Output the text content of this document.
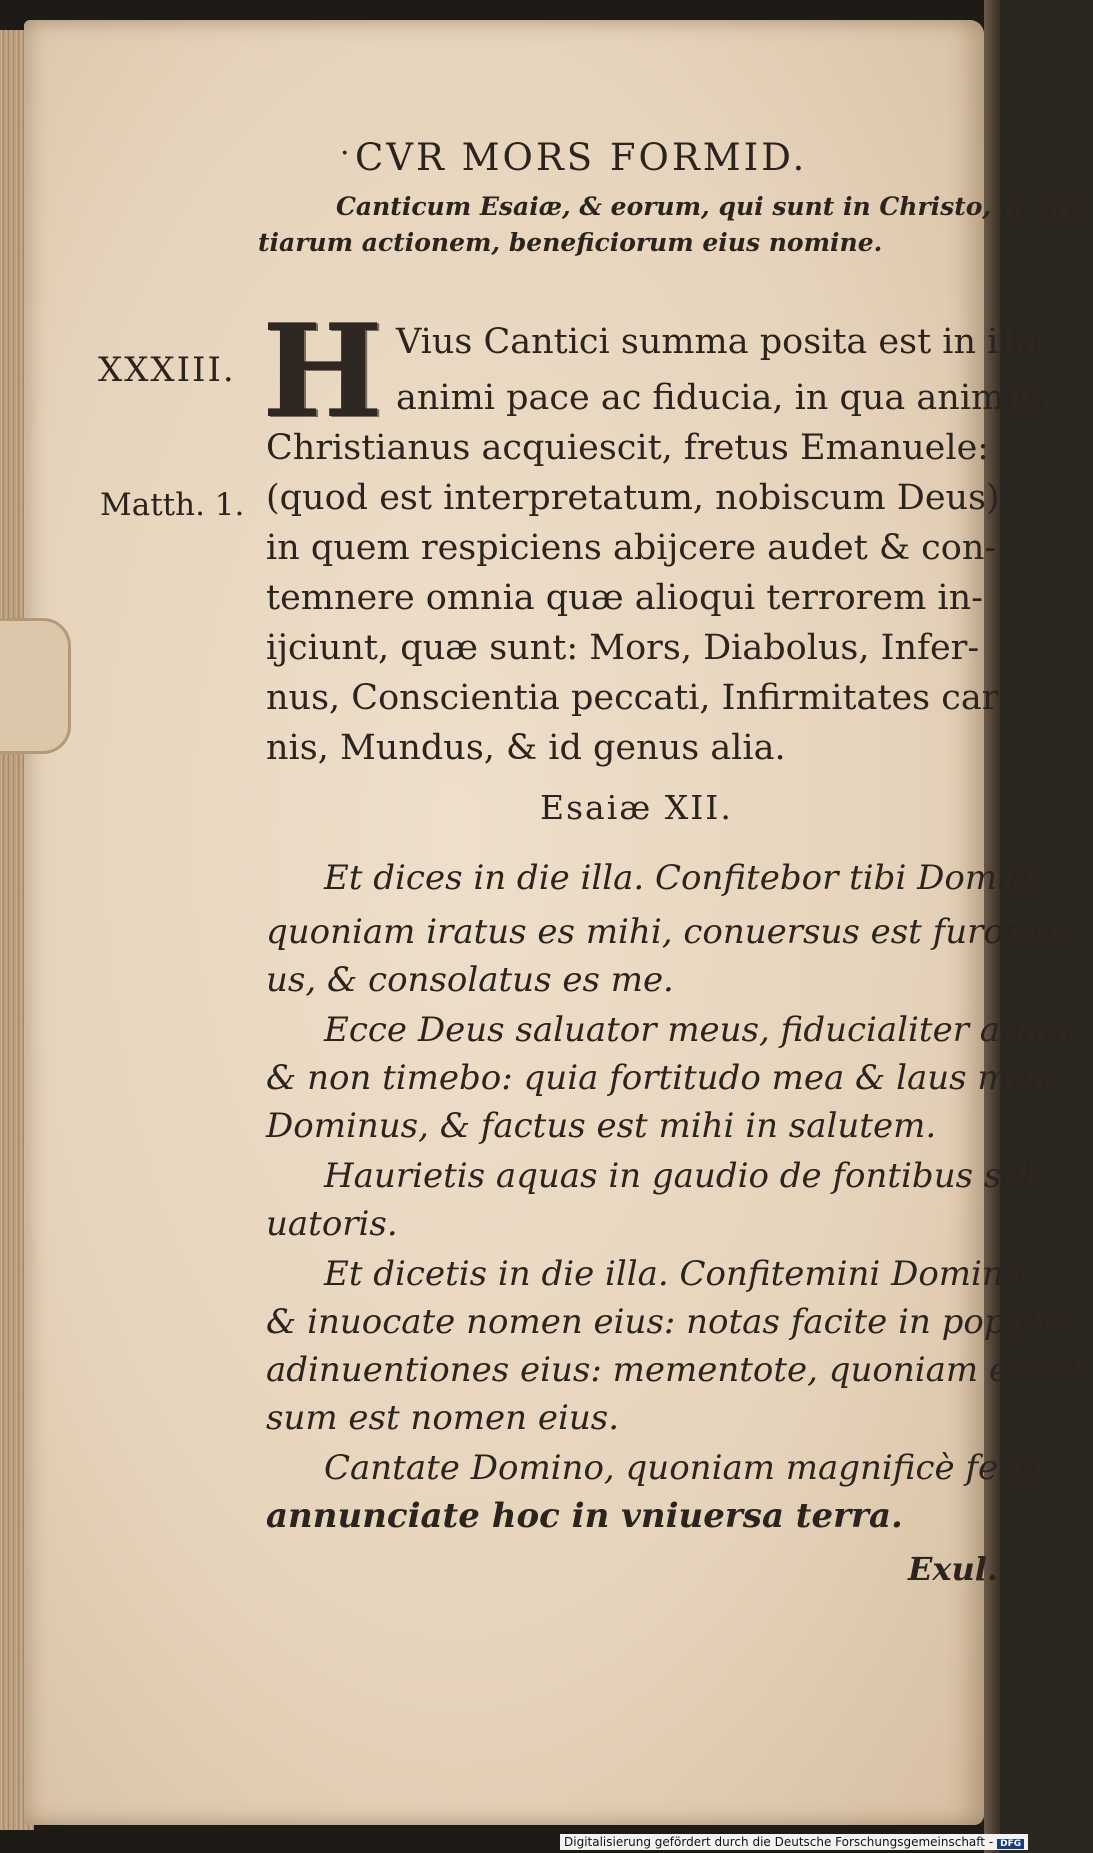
· CVR MORS FORMID.
Canticum Esaiæ, & eorum, qui sunt in Christo, in gra-
tiarum actionem, beneficiorum eius nomine.
XXXIII.
Matth. 1.
H Vius Cantici summa posita est in illa
animi pace ac fiducia, in qua animus
Christianus acquiescit, fretus Emanuele:
(quod est interpretatum, nobiscum Deus)
in quem respiciens abijcere audet & con-
temnere omnia quæ alioqui terrorem in-
ijciunt, quæ sunt: Mors, Diabolus, Infer-
nus, Conscientia peccati, Infirmitates car-
nis, Mundus, & id genus alia.
Esaiæ XII.
Et dices in die illa. Confitebor tibi Domine,
quoniam iratus es mihi, conuersus est furor tu-
us, & consolatus es me.
Ecce Deus saluator meus, fiducialiter agam,
& non timebo: quia fortitudo mea & laus mea
Dominus, & factus est mihi in salutem.
Haurietis aquas in gaudio de fontibus sal-
uatoris.
Et dicetis in die illa. Confitemini Domino,
& inuocate nomen eius: notas facite in populis
adinuentiones eius: mementote, quoniam excel-
sum est nomen eius.
Cantate Domino, quoniam magnificè fecit:
annunciate hoc in vniuersa terra.
Exul.
Digitalisierung gefördert durch die Deutsche Forschungsgemeinschaft - DFG
